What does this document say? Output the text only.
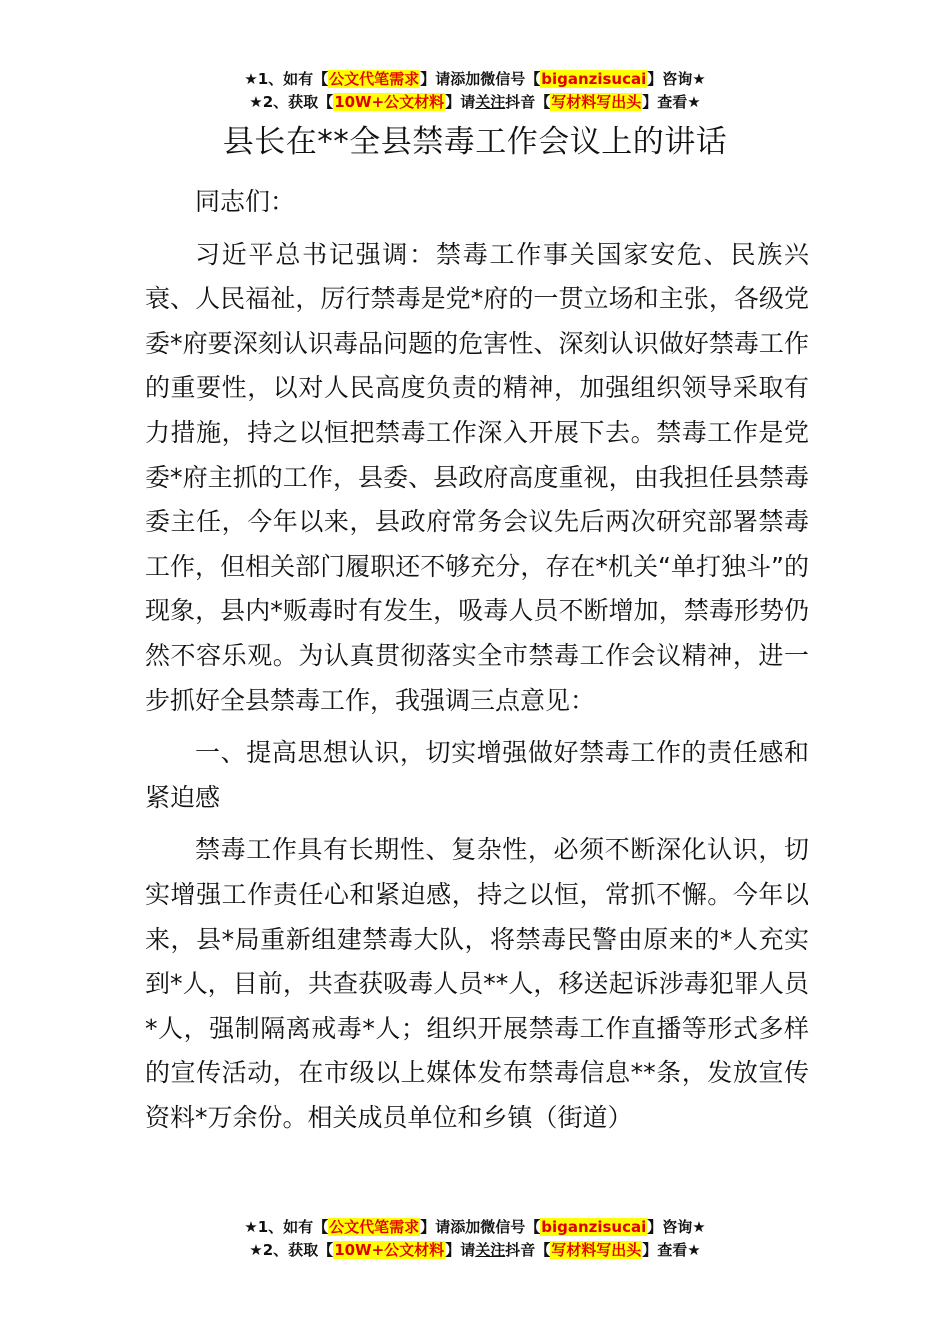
★1、如有【公文代笔需求】请添加微信号【biganzisucai】咨询★
★2、获取【10W+公文材料】请关注抖音【写材料写出头】查看★
县长在**全县禁毒工作会议上的讲话

同志们：

习近平总书记强调：禁毒工作事关国家安危、民族兴衰、人民福祉，厉行禁毒是党*府的一贯立场和主张，各级党委*府要深刻认识毒品问题的危害性、深刻认识做好禁毒工作的重要性，以对人民高度负责的精神，加强组织领导采取有力措施，持之以恒把禁毒工作深入开展下去。禁毒工作是党委*府主抓的工作，县委、县政府高度重视，由我担任县禁毒委主任，今年以来，县政府常务会议先后两次研究部署禁毒工作，但相关部门履职还不够充分，存在*机关“单打独斗”的现象，县内*贩毒时有发生，吸毒人员不断增加，禁毒形势仍然不容乐观。为认真贯彻落实全市禁毒工作会议精神，进一步抓好全县禁毒工作，我强调三点意见：

一、提高思想认识，切实增强做好禁毒工作的责任感和紧迫感

禁毒工作具有长期性、复杂性，必须不断深化认识，切实增强工作责任心和紧迫感，持之以恒，常抓不懈。今年以来，县*局重新组建禁毒大队，将禁毒民警由原来的*人充实到*人，目前，共查获吸毒人员**人，移送起诉涉毒犯罪人员*人，强制隔离戒毒*人；组织开展禁毒工作直播等形式多样的宣传活动，在市级以上媒体发布禁毒信息**条，发放宣传资料*万余份。相关成员单位和乡镇（街道）

★1、如有【公文代笔需求】请添加微信号【biganzisucai】咨询★
★2、获取【10W+公文材料】请关注抖音【写材料写出头】查看★
